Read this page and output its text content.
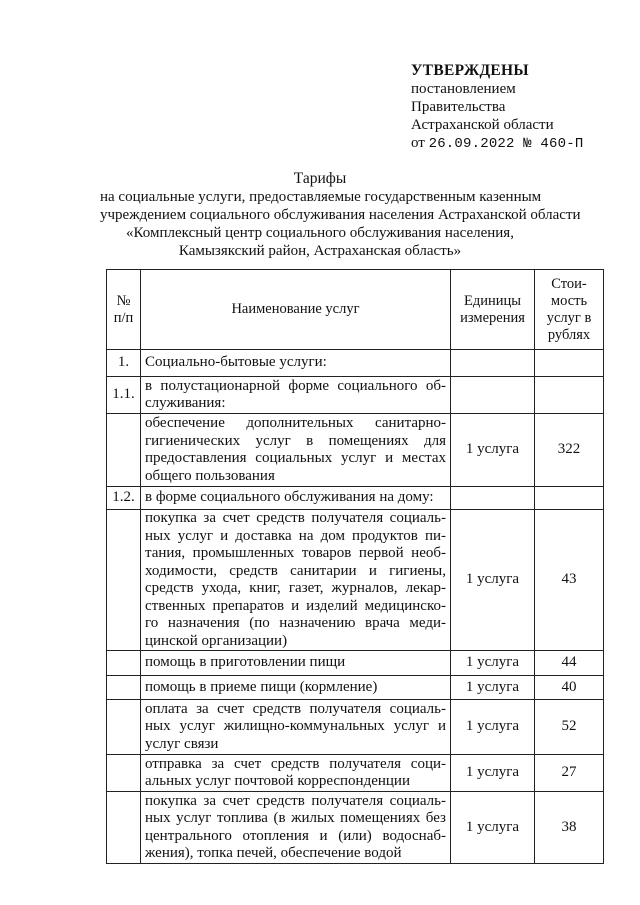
УТВЕРЖДЕНЫ
постановлением
Правительства
Астраханской области
от 26.09.2022 № 460-П
Тарифы
на социальные услуги, предоставляемые государственным казенным
учреждением социального обслуживания населения Астраханской области
«Комплексный центр социального обслуживания населения,
Камызякский район, Астраханская область»
№ п/п	Наименование услуг	Единицы измерения	Стои-мость услуг в рублях
1.	Социально-бытовые услуги:		
1.1.	в полустационарной форме социального об-служивания:		
	обеспечение дополнительных санитарно-гигиенических услуг в помещениях для предоставления социальных услуг и местах общего пользования	1 услуга	322
1.2.	в форме социального обслуживания на дому:		
	покупка за счет средств получателя социаль-ных услуг и доставка на дом продуктов пи-тания, промышленных товаров первой необ-ходимости, средств санитарии и гигиены, средств ухода, книг, газет, журналов, лекар-ственных препаратов и изделий медицинско-го назначения (по назначению врача меди-цинской организации)	1 услуга	43
	помощь в приготовлении пищи	1 услуга	44
	помощь в приеме пищи (кормление)	1 услуга	40
	оплата за счет средств получателя социаль-ных услуг жилищно-коммунальных услуг и услуг связи	1 услуга	52
	отправка за счет средств получателя соци-альных услуг почтовой корреспонденции	1 услуга	27
	покупка за счет средств получателя социаль-ных услуг топлива (в жилых помещениях без центрального отопления и (или) водоснаб-жения), топка печей, обеспечение водой	1 услуга	38
